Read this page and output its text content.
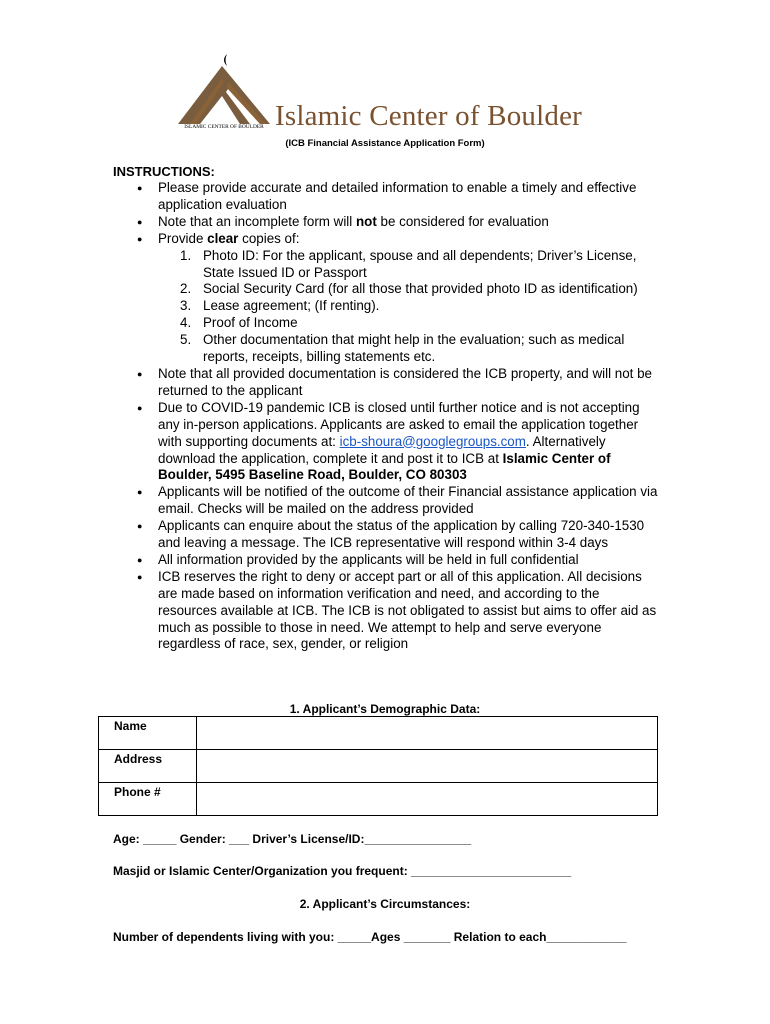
ISLAMIC CENTER OF BOULDER Islamic Center of Boulder
(ICB Financial Assistance Application Form)
INSTRUCTIONS:
● Please provide accurate and detailed information to enable a timely and effective application evaluation
● Note that an incomplete form will not be considered for evaluation
● Provide clear copies of:
1. Photo ID: For the applicant, spouse and all dependents; Driver’s License, State Issued ID or Passport
2. Social Security Card (for all those that provided photo ID as identification)
3. Lease agreement; (If renting).
4. Proof of Income
5. Other documentation that might help in the evaluation; such as medical reports, receipts, billing statements etc.
● Note that all provided documentation is considered the ICB property, and will not be returned to the applicant
● Due to COVID-19 pandemic ICB is closed until further notice and is not accepting any in-person applications. Applicants are asked to email the application together with supporting documents at: icb-shoura@googlegroups.com. Alternatively download the application, complete it and post it to ICB at Islamic Center of Boulder, 5495 Baseline Road, Boulder, CO 80303
● Applicants will be notified of the outcome of their Financial assistance application via email. Checks will be mailed on the address provided
● Applicants can enquire about the status of the application by calling 720-340-1530 and leaving a message. The ICB representative will respond within 3-4 days
● All information provided by the applicants will be held in full confidential
● ICB reserves the right to deny or accept part or all of this application. All decisions are made based on information verification and need, and according to the resources available at ICB. The ICB is not obligated to assist but aims to offer aid as much as possible to those in need. We attempt to help and serve everyone regardless of race, sex, gender, or religion
1. Applicant’s Demographic Data:
Name	
Address	
Phone #	
Age: _____ Gender: ___ Driver’s License/ID:________________
Masjid or Islamic Center/Organization you frequent: ________________________
2. Applicant’s Circumstances:
Number of dependents living with you: _____Ages _______ Relation to each____________
